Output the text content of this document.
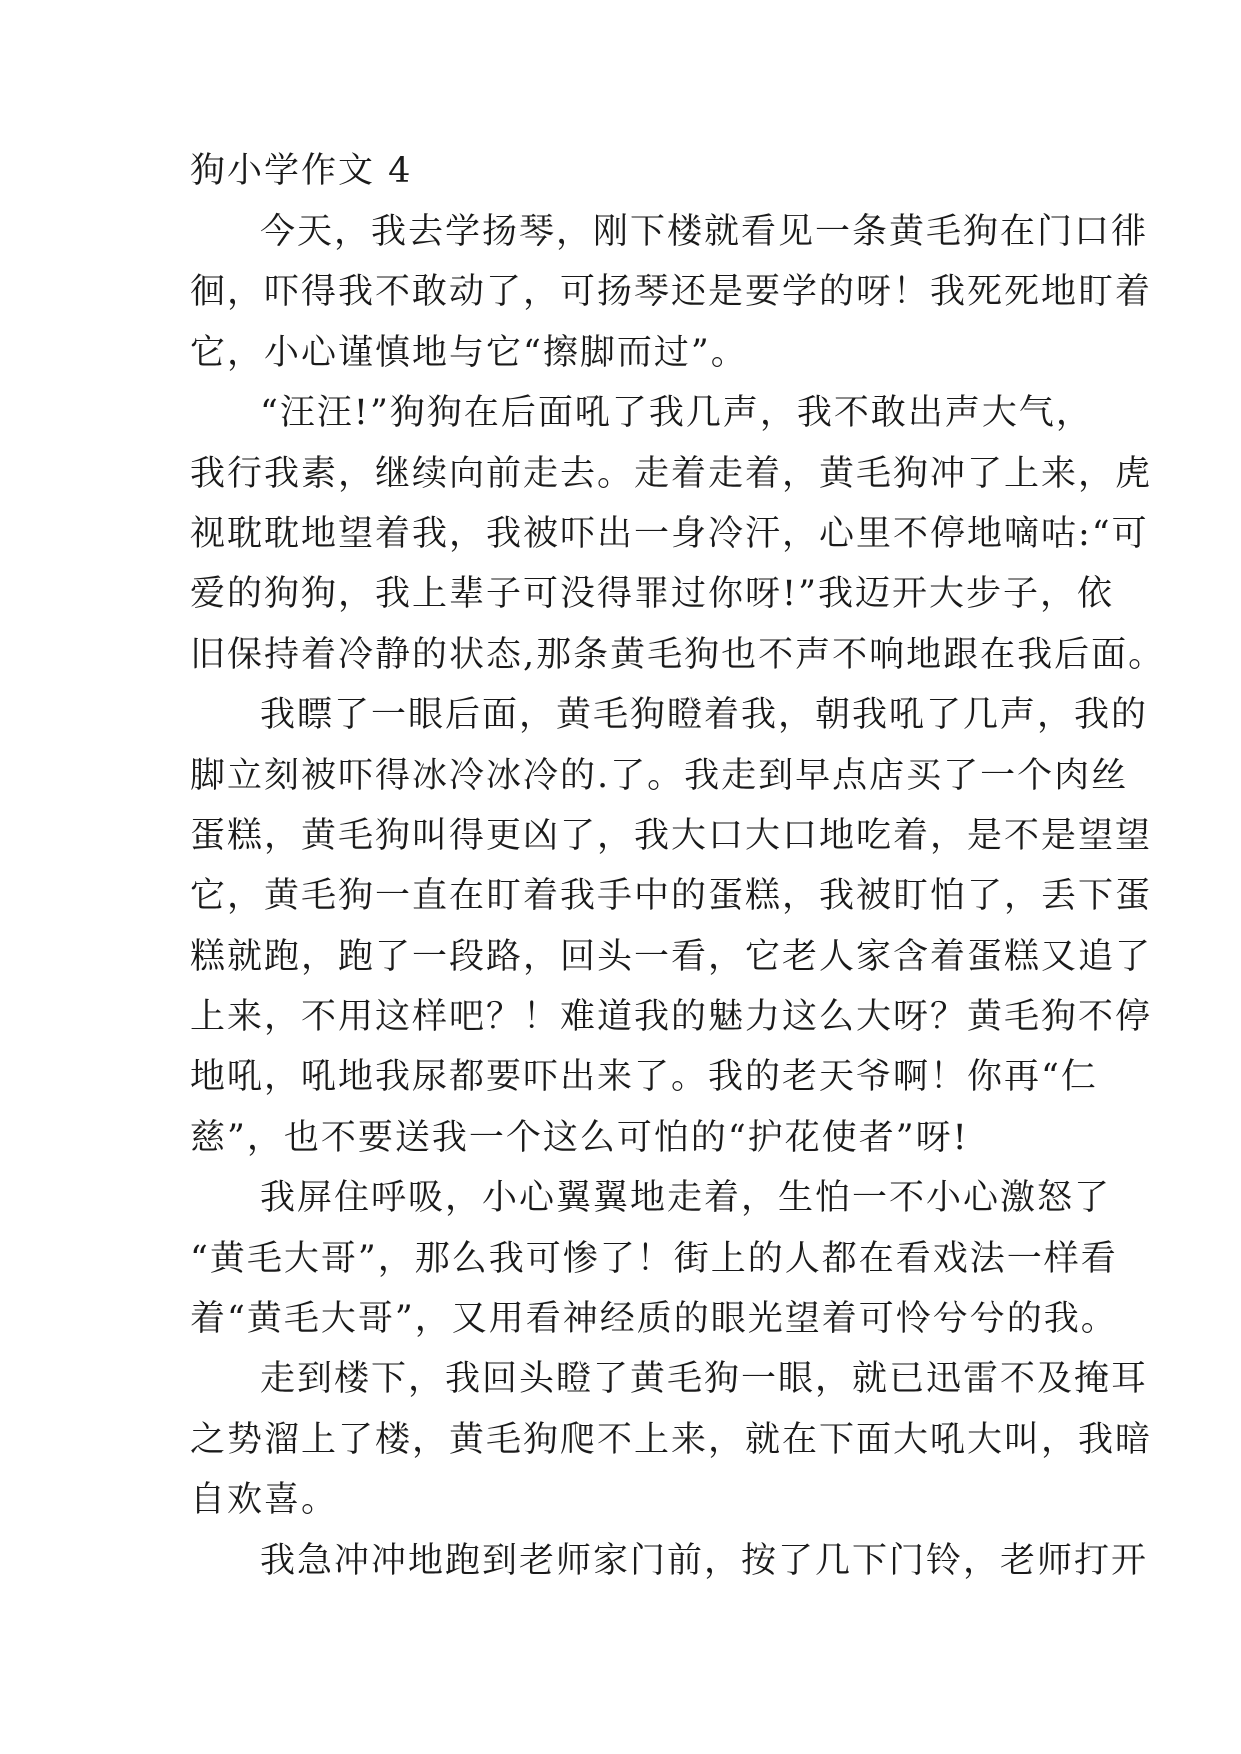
狗小学作文 4
今天，我去学扬琴，刚下楼就看见一条黄毛狗在门口徘
徊，吓得我不敢动了，可扬琴还是要学的呀！我死死地盯着
它，小心谨慎地与它“擦脚而过”。
“汪汪!”狗狗在后面吼了我几声，我不敢出声大气，
我行我素，继续向前走去。走着走着，黄毛狗冲了上来，虎
视耽耽地望着我，我被吓出一身冷汗，心里不停地嘀咕:“可
爱的狗狗，我上辈子可没得罪过你呀!”我迈开大步子，依
旧保持着冷静的状态,那条黄毛狗也不声不响地跟在我后面。
我瞟了一眼后面，黄毛狗瞪着我，朝我吼了几声，我的
脚立刻被吓得冰冷冰冷的.了。我走到早点店买了一个肉丝
蛋糕，黄毛狗叫得更凶了，我大口大口地吃着，是不是望望
它，黄毛狗一直在盯着我手中的蛋糕，我被盯怕了，丢下蛋
糕就跑，跑了一段路，回头一看，它老人家含着蛋糕又追了
上来，不用这样吧？！难道我的魅力这么大呀？黄毛狗不停
地吼，吼地我尿都要吓出来了。我的老天爷啊！你再“仁
慈”，也不要送我一个这么可怕的“护花使者”呀!
我屏住呼吸，小心翼翼地走着，生怕一不小心激怒了
“黄毛大哥”，那么我可惨了！街上的人都在看戏法一样看
着“黄毛大哥”，又用看神经质的眼光望着可怜兮兮的我。
走到楼下，我回头瞪了黄毛狗一眼，就已迅雷不及掩耳
之势溜上了楼，黄毛狗爬不上来，就在下面大吼大叫，我暗
自欢喜。
我急冲冲地跑到老师家门前，按了几下门铃，老师打开
